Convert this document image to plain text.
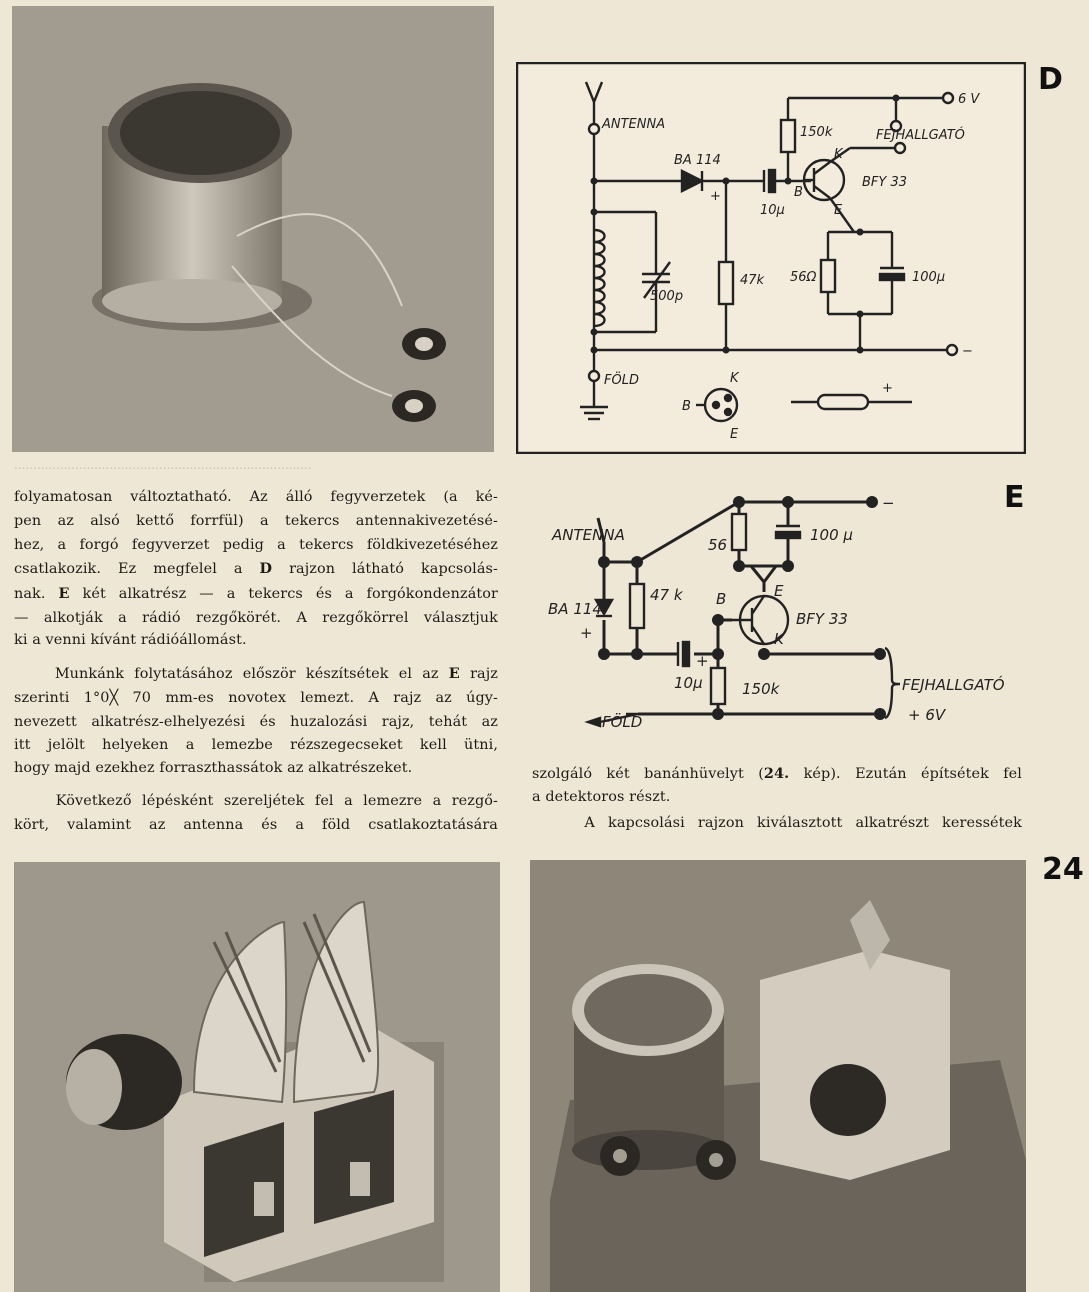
..............................................................................
ANTENNA
BA 114
+
10μ
150k
47k
500p
BFY 33
K
B
E
56Ω	100μ
FEJHALLGATÓ
6 V
−
FÖLD
B
K
E
+
D

folyamatosan változtatható. Az álló fegyverzetek (a ké-
pen az alsó kettő forrfül) a tekercs antennakivezetésé-
hez, a forgó fegyverzet pedig a tekercs földkivezetéséhez
csatlakozik. Ez megfelel a D rajzon látható kapcsolás-
nak. E két alkatrész — a tekercs és a forgókondenzátor
— alkotják a rádió rezgőkörét. A rezgőkörrel választjuk

ki a venni kívánt rádióállomást.

Munkánk folytatásához először készítsétek el az E rajz
szerinti 1°0╳ 70 mm-es novotex lemezt. A rajz az úgy-
nevezett alkatrész-elhelyezési és huzalozási rajz, tehát az
itt jelölt helyeken a lemezbe rézszegecseket kell ütni,

hogy majd ezekhez forraszthassátok az alkatrészeket.

Következő lépésként szereljétek fel a lemezre a rezgő-
kört, valamint az antenna és a föld csatlakoztatására

ANTENNA
BA 114
+
47 k
56
100 μ
E
B
K
BFY 33
10μ
+
150k
FÖLD
FEJHALLGATÓ
+ 6V
−	E

szolgáló két banánhüvelyt (24. kép). Ezután építsétek fel

a detektoros részt.

A kapcsolási rajzon kiválasztott alkatrészt keressétek

24
